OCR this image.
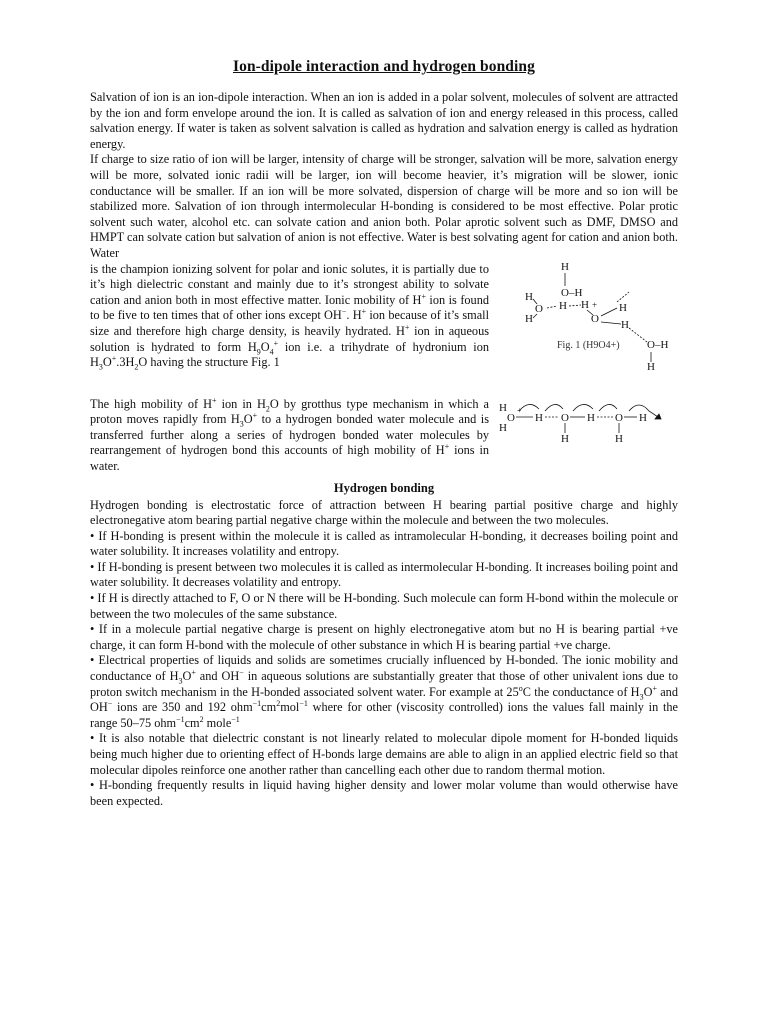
Ion-dipole interaction and hydrogen bonding

Salvation of ion is an ion-dipole interaction. When an ion is added in a polar solvent, molecules of solvent are attracted by the ion and form envelope around the ion. It is called as salvation of ion and energy released in this process, called salvation energy. If water is taken as solvent salvation is called as hydration and salvation energy is called as hydration energy.

If charge to size ratio of ion will be larger, intensity of charge will be stronger, salvation will be more, salvation energy will be more, solvated ionic radii will be larger, ion will become heavier, it’s migration will be slower, ionic conductance will be smaller. If an ion will be more solvated, dispersion of charge will be more and so ion will be stabilized more. Salvation of ion through intermolecular H-bonding is considered to be most effective. Polar protic solvent such water, alcohol etc. can solvate cation and anion both. Polar aprotic solvent such as DMF, DMSO and HMPT can solvate cation but salvation of anion is not effective. Water is best solvating agent for cation and anion both. Water

is the champion ionizing solvent for polar and ionic solutes, it is partially due to it’s high dielectric constant and mainly due to it’s strongest ability to solvate cation and anion both in most effective matter. Ionic mobility of H+ ion is found to be five to ten times that of other ions except OH−. H+ ion because of it’s small size and therefore high charge density, is heavily hydrated. H+ ion in aqueous solution is hydrated to form $H_9O_4^+$ ion i.e. a trihydrate of hydronium ion $H_3O^+.3H_2O$ having the structure Fig. 1

H
O –H
H
H
O H H
O
H
H
O–H
H
+
Fig. 1 (H9O4+)

The high mobility of H+ ion in $H_2O$ by grotthus type mechanism in which a proton moves rapidly from $H_3O^+$ to a hydrogen bonded water molecule and is transferred further along a series of hydrogen bonded water molecules by rearrangement of hydrogen bond this accounts of high mobility of H+ ions in water.

H
H
O H O H O H
H	H
+
Hydrogen bonding

Hydrogen bonding is electrostatic force of attraction between H bearing partial positive charge and highly electronegative atom bearing partial negative charge within the molecule and between the two molecules.

• If H-bonding is present within the molecule it is called as intramolecular H-bonding, it decreases boiling point and water solubility. It increases volatility and entropy.

• If H-bonding is present between two molecules it is called as intermolecular H-bonding. It increases boiling point and water solubility. It decreases volatility and entropy.

• If H is directly attached to F, O or N there will be H-bonding. Such molecule can form H-bond within the molecule or between the two molecules of the same substance.

• If in a molecule partial negative charge is present on highly electronegative atom but no H is bearing partial +ve charge, it can form H-bond with the molecule of other substance in which H is bearing partial +ve charge.

• Electrical properties of liquids and solids are sometimes crucially influenced by H-bonded. The ionic mobility and conductance of $H_3O^+$ and OH− in aqueous solutions are substantially greater that those of other univalent ions due to proton switch mechanism in the H-bonded associated solvent water. For example at 25$^o$C the conductance of $H_3O^+$ and OH− ions are 350 and 192 $ohm^{-1}cm^2mol^{-1}$ where for other (viscosity controlled) ions the values fall mainly in the range 50–75 $ohm^{-1}cm^2$ mole$^{-1}$

• It is also notable that dielectric constant is not linearly related to molecular dipole moment for H-bonded liquids being much higher due to orienting effect of H-bonds large demains are able to align in an applied electric field so that molecular dipoles reinforce one another rather than cancelling each other due to random thermal motion.

• H-bonding frequently results in liquid having higher density and lower molar volume than would otherwise have been expected.
